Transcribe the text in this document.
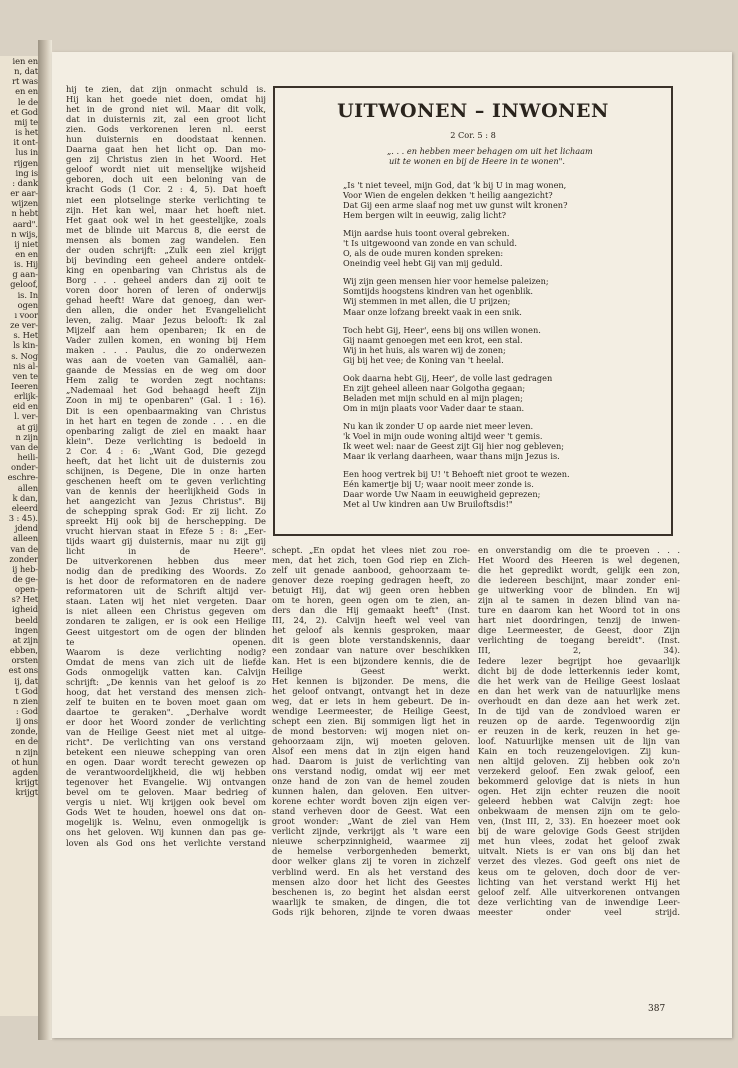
ien en
n, dat
rt was
en en
le de
et God
mij te
is het
it ont-
lus in
rijgen
ing is
: dank
er aar-
wijzen
n hebt
aard".
n wijs,
ij niet
en en
is. Hij
g aan-
geloof,
is. In
ogen
ı voor
ze ver-
s. Het
ls kin-
s. Nog
nis al-
ven te
Ieeren
erlijk-
eid en
l. ver-
at gij
n zijn
van de
heili-
onder-
eschre-
allen
k dan,
eleerd
3 : 45).
jdend
alleen
van de
zonder
ij heb-
de ge-
open-
s? Het
igheid
beeld
ingen
at zijn
ebben,
orsten
est ons
ij, dat
t God
n zien
: God
ij ons
zonde,
en de
n zijn
ot hun
agden
krijgt
krijgt
hij te zien, dat zijn onmacht schuld is.
Hij kan het goede niet doen, omdat hij
het in de grond niet wil. Maar dit volk,
dat in duisternis zit, zal een groot licht
zien. Gods verkorenen leren nl. eerst
hun duisternis en doodstaat kennen.
Daarna gaat hen het licht op. Dan mo-
gen zij Christus zien in het Woord. Het
geloof wordt niet uit menselijke wijsheid
geboren, doch uit een beloning van de
kracht Gods (1 Cor. 2 : 4, 5). Dat hoeft
niet een plotselinge sterke verlichting te
zijn. Het kan wel, maar het hoeft niet.
Het gaat ook wel in het geestelijke, zoals
met de blinde uit Marcus 8, die eerst de
mensen als bomen zag wandelen. Een
der ouden schrijft: „Zulk een ziel krijgt
bij bevinding een geheel andere ontdek-
king en openbaring van Christus als de
Borg . . . geheel anders dan zij ooit te
voren door horen of leren of onderwijs
gehad heeft! Ware dat genoeg, dan wer-
den allen, die onder het Evangelielicht
leven, zalig. Maar Jezus belooft: Ik zal
Mijzelf aan hem openbaren; Ik en de
Vader zullen komen, en woning bij Hem
maken . . . Paulus, die zo onderwezen
was aan de voeten van Gamaliël, aan-
gaande de Messias en de weg om door
Hem zalig te worden zegt nochtans:
„Nademaal het God behaagd heeft Zijn
Zoon in mij te openbaren" (Gal. 1 : 16).
Dit is een openbaarmaking van Christus
in het hart en tegen de zonde . . . en die
openbaring zaligt de ziel en maakt haar
klein". Deze verlichting is bedoeld in
2 Cor. 4 : 6: „Want God, Die gezegd
heeft, dat het licht uit de duisternis zou
schijnen, is Degene, Die in onze harten
geschenen heeft om te geven verlichting
van de kennis der heerlijkheid Gods in
het aangezicht van Jezus Christus". Bij
de schepping sprak God: Er zij licht. Zo
spreekt Hij ook bij de herschepping. De
vrucht hiervan staat in Efeze 5 : 8: „Eer-
tijds waart gij duisternis, maar nu zijt gij
licht in de Heere".
De uitverkorenen hebben dus meer
nodig dan de prediking des Woords. Zo
is het door de reformatoren en de nadere
reformatoren uit de Schrift altijd ver-
staan. Laten wij het niet vergeten. Daar
is niet alleen een Christus gegeven om
zondaren te zaligen, er is ook een Heilige
Geest uitgestort om de ogen der blinden
te openen.
Waarom is deze verlichting nodig?
Omdat de mens van zich uit de liefde
Gods onmogelijk vatten kan. Calvijn
schrijft: „De kennis van het geloof is zo
hoog, dat het verstand des mensen zich-
zelf te buiten en te boven moet gaan om
daartoe te geraken". „Derhalve wordt
er door het Woord zonder de verlichting
van de Heilige Geest niet met al uitge-
richt". De verlichting van ons verstand
betekent een nieuwe schepping van oren
en ogen. Daar wordt terecht gewezen op
de verantwoordelijkheid, die wij hebben
tegenover het Evangelie. Wij ontvangen
bevel om te geloven. Maar bedrieg of
vergis u niet. Wij krijgen ook bevel om
Gods Wet te houden, hoewel ons dat on-
mogelijk is. Welnu, even onmogelijk is
ons het geloven. Wij kunnen dan pas ge-
loven als God ons het verlichte verstand
UITWONEN – INWONEN
2 Cor. 5 : 8
„. . . en hebben meer behagen om uit het lichaam
uit te wonen en bij de Heere in te wonen".
„Is 't niet teveel, mijn God, dat 'k bij U in mag wonen,
Voor Wien de engelen dekken 't heilig aangezicht?
Dat Gij een arme slaaf nog met uw gunst wilt kronen?
Hem bergen wilt in eeuwig, zalig licht?
Mijn aardse huis toont overal gebreken.
't Is uitgewoond van zonde en van schuld.
O, als de oude muren konden spreken:
Oneindig veel hebt Gij van mij geduld.
Wij zijn geen mensen hier voor hemelse paleizen;
Somtijds hoogstens kindren van het ogenblik.
Wij stemmen in met allen, die U prijzen;
Maar onze lofzang breekt vaak in een snik.
Toch hebt Gij, Heer', eens bij ons willen wonen.
Gij naamt genoegen met een krot, een stal.
Wij in het huis, als waren wij de zonen;
Gij bij het vee; de Koning van 't heelal.
Ook daarna hebt Gij, Heer', de volle last gedragen
En zijt geheel alleen naar Golgotha gegaan;
Beladen met mijn schuld en al mijn plagen;
Om in mijn plaats voor Vader daar te staan.
Nu kan ik zonder U op aarde niet meer leven.
'k Voel in mijn oude woning altijd weer 't gemis.
Ik weet wel: naar de Geest zijt Gij hier nog gebleven;
Maar ik verlang daarheen, waar thans mijn Jezus is.
Een hoog vertrek bij U! 't Behoeft niet groot te wezen.
Eén kamertje bij U; waar nooit meer zonde is.
Daar worde Uw Naam in eeuwigheid geprezen;
Met al Uw kindren aan Uw Bruiloftsdis!"
schept. „En opdat het vlees niet zou roe-
men, dat het zich, toen God riep en Zich-
zelf uit genade aanbood, gehoorzaam te-
genover deze roeping gedragen heeft, zo
betuigt Hij, dat wij geen oren hebben
om te horen, geen ogen om te zien, an-
ders dan die Hij gemaakt heeft" (Inst.
III, 24, 2). Calvijn heeft wel veel van
het geloof als kennis gesproken, maar
dit is geen blote verstandskennis, daar
een zondaar van nature over beschikken
kan. Het is een bijzondere kennis, die de
Heilige Geest werkt.
Het kennen is bijzonder. De mens, die
het geloof ontvangt, ontvangt het in deze
weg, dat er iets in hem gebeurt. De in-
wendige Leermeester, de Heilige Geest,
schept een zien. Bij sommigen ligt het in
de mond bestorven: wij mogen niet on-
gehoorzaam zijn, wij moeten geloven.
Alsof een mens dat in zijn eigen hand
had. Daarom is juist de verlichting van
ons verstand nodig, omdat wij eer met
onze hand de zon van de hemel zouden
kunnen halen, dan geloven. Een uitver-
korene echter wordt boven zijn eigen ver-
stand verheven door de Geest. Wat een
groot wonder: „Want de ziel van Hem
verlicht zijnde, verkrijgt als 't ware een
nieuwe scherpzinnigheid, waarmee zij
de hemelse verborgenheden bemerkt,
door welker glans zij te voren in zichzelf
verblind werd. En als het verstand des
mensen alzo door het licht des Geestes
beschenen is, zo begint het alsdan eerst
waarlijk te smaken, de dingen, die tot
Gods rijk behoren, zijnde te voren dwaas
en onverstandig om die te proeven . . .
Het Woord des Heeren is wel degenen,
die het gepredikt wordt, gelijk een zon,
die iedereen beschijnt, maar zonder eni-
ge uitwerking voor de blinden. En wij
zijn al te samen in dezen blind van na-
ture en daarom kan het Woord tot in ons
hart niet doordringen, tenzij de inwen-
dige Leermeester, de Geest, door Zijn
verlichting de toegang bereidt". (Inst.
III, 2, 34).
Iedere lezer begrijpt hoe gevaarlijk
dicht bij de dode letterkennis ieder komt,
die het werk van de Heilige Geest loslaat
en dan het werk van de natuurlijke mens
overhoudt en dan deze aan het werk zet.
In de tijd van de zondvloed waren er
reuzen op de aarde. Tegenwoordig zijn
er reuzen in de kerk, reuzen in het ge-
loof. Natuurlijke mensen uit de lijn van
Kain en toch reuzengelovigen. Zij kun-
nen altijd geloven. Zij hebben ook zo'n
verzekerd geloof. Een zwak geloof, een
bekommerd gelovige dat is niets in hun
ogen. Het zijn echter reuzen die nooit
geleerd hebben wat Calvijn zegt: hoe
onbekwaam de mensen zijn om te gelo-
ven, (Inst III, 2, 33). En hoezeer moet ook
bij de ware gelovige Gods Geest strijden
met hun vlees, zodat het geloof zwak
uitvalt. Niets is er van ons bij dan het
verzet des vlezes. God geeft ons niet de
keus om te geloven, doch door de ver-
lichting van het verstand werkt Hij het
geloof zelf. Alle uitverkorenen ontvangen
deze verlichting van de inwendige Leer-
meester onder veel strijd.
387
